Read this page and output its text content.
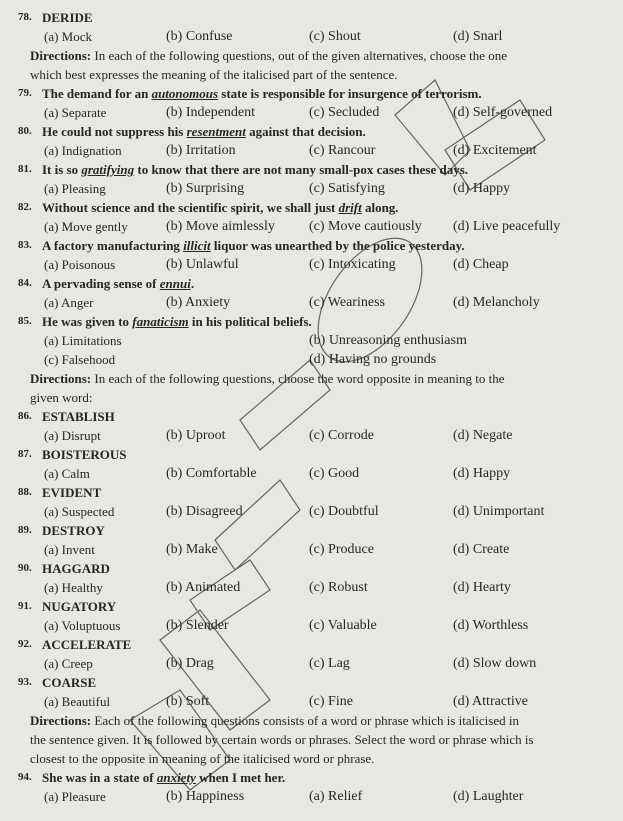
78. DERIDE
(a) Mock	(b) Confuse	(c) Shout	(d) Snarl
Directions: In each of the following questions, out of the given alternatives, choose the one
which best expresses the meaning of the italicised part of the sentence.
79. The demand for an autonomous state is responsible for insurgence of terrorism.
(a) Separate	(b) Independent	(c) Secluded	(d) Self-governed
80. He could not suppress his resentment against that decision.
(a) Indignation	(b) Irritation	(c) Rancour	(d) Excitement
81. It is so gratifying to know that there are not many small-pox cases these days.
(a) Pleasing	(b) Surprising	(c) Satisfying	(d) Happy
82. Without science and the scientific spirit, we shall just drift along.
(a) Move gently	(b) Move aimlessly (c) Move cautiously (d) Live peacefully
83. A factory manufacturing illicit liquor was unearthed by the police yesterday.
(a) Poisonous	(b) Unlawful	(c) Intoxicating	(d) Cheap
84. A pervading sense of ennui.
(a) Anger	(b) Anxiety	(c) Weariness	(d) Melancholy
85. He was given to fanaticism in his political beliefs.
(a) Limitations	(b) Unreasoning enthusiasm
(c) Falsehood	(d) Having no grounds
Directions: In each of the following questions, choose the word opposite in meaning to the
given word:
86. ESTABLISH
(a) Disrupt	(b) Uproot	(c) Corrode	(d) Negate
87. BOISTEROUS
(a) Calm	(b) Comfortable	(c) Good	(d) Happy
88. EVIDENT
(a) Suspected	(b) Disagreed	(c) Doubtful	(d) Unimportant
89. DESTROY
(a) Invent	(b) Make	(c) Produce	(d) Create
90. HAGGARD
(a) Healthy	(b) Animated	(c) Robust	(d) Hearty
91. NUGATORY
(a) Voluptuous	(b) Slender	(c) Valuable	(d) Worthless
92. ACCELERATE
(a) Creep	(b) Drag	(c) Lag	(d) Slow down
93. COARSE
(a) Beautiful	(b) Soft	(c) Fine	(d) Attractive
Directions: Each of the following questions consists of a word or phrase which is italicised in
the sentence given. It is followed by certain words or phrases. Select the word or phrase which is
closest to the opposite in meaning of the italicised word or phrase.
94. She was in a state of anxiety when I met her.
(a) Pleasure	(b) Happiness	(a) Relief	(d) Laughter
